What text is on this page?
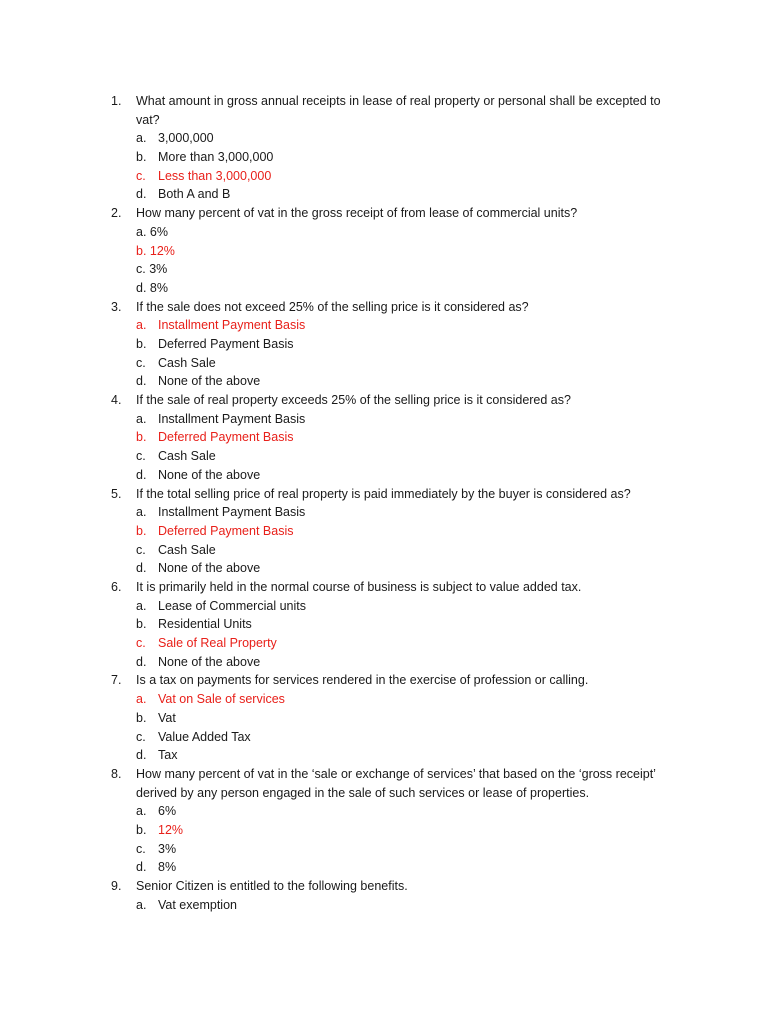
1. What amount in gross annual receipts in lease of real property or personal shall be excepted to vat?
a. 3,000,000
b. More than 3,000,000
c. Less than 3,000,000
d. Both A and B
2. How many percent of vat in the gross receipt of from lease of commercial units?
a. 6%
b. 12%
c. 3%
d. 8%
3. If the sale does not exceed 25% of the selling price is it considered as?
a. Installment Payment Basis
b. Deferred Payment Basis
c. Cash Sale
d. None of the above
4. If the sale of real property exceeds 25% of the selling price is it considered as?
a. Installment Payment Basis
b. Deferred Payment Basis
c. Cash Sale
d. None of the above
5. If the total selling price of real property is paid immediately by the buyer is considered as?
a. Installment Payment Basis
b. Deferred Payment Basis
c. Cash Sale
d. None of the above
6. It is primarily held in the normal course of business is subject to value added tax.
a. Lease of Commercial units
b. Residential Units
c. Sale of Real Property
d. None of the above
7. Is a tax on payments for services rendered in the exercise of profession or calling.
a. Vat on Sale of services
b. Vat
c. Value Added Tax
d. Tax
8. How many percent of vat in the ‘sale or exchange of services’ that based on the ‘gross receipt’ derived by any person engaged in the sale of such services or lease of properties.
a. 6%
b. 12%
c. 3%
d. 8%
9. Senior Citizen is entitled to the following benefits.
a. Vat exemption
